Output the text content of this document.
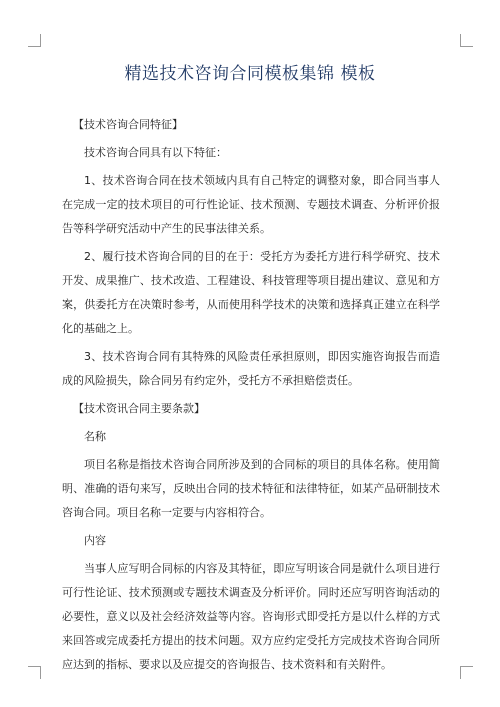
精选技术咨询合同模板集锦 模板

【技术咨询合同特征】

技术咨询合同具有以下特征：

1、技术咨询合同在技术领域内具有自己特定的调整对象，即合同当事人在完成一定的技术项目的可行性论证、技术预测、专题技术调查、分析评价报告等科学研究活动中产生的民事法律关系。

2、履行技术咨询合同的目的在于：受托方为委托方进行科学研究、技术开发、成果推广、技术改造、工程建设、科技管理等项目提出建议、意见和方案，供委托方在决策时参考，从而使用科学技术的决策和选择真正建立在科学化的基础之上。

3、技术咨询合同有其特殊的风险责任承担原则，即因实施咨询报告而造成的风险损失，除合同另有约定外，受托方不承担赔偿责任。

【技术资讯合同主要条款】

名称

项目名称是指技术咨询合同所涉及到的合同标的项目的具体名称。使用简明、准确的语句来写，反映出合同的技术特征和法律特征，如某产品研制技术咨询合同。项目名称一定要与内容相符合。

内容

当事人应写明合同标的内容及其特征，即应写明该合同是就什么项目进行可行性论证、技术预测或专题技术调查及分析评价。同时还应写明咨询活动的必要性，意义以及社会经济效益等内容。咨询形式即受托方是以什么样的方式来回答或完成委托方提出的技术问题。双方应约定受托方完成技术咨询合同所应达到的指标、要求以及应提交的咨询报告、技术资料和有关附件。
